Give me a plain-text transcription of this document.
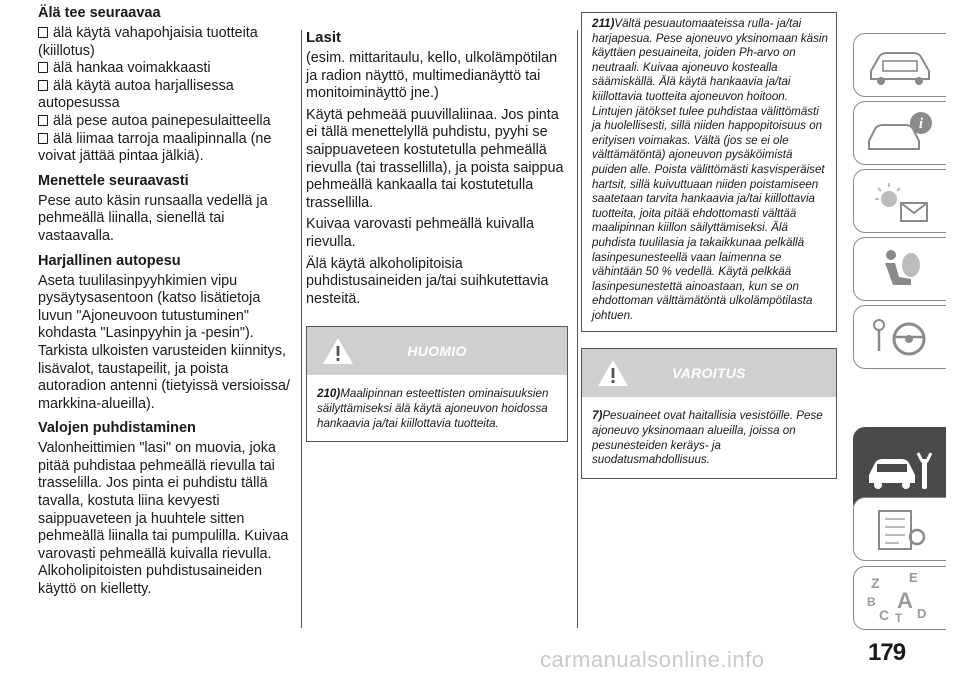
Älä tee seuraavaa
älä käytä vahapohjaisia tuotteita (kiillotus)
älä hankaa voimakkaasti
älä käytä autoa harjallisessa autopesussa
älä pese autoa painepesulaitteella
älä liimaa tarroja maalipinnalla (ne voivat jättää pintaa jälkiä).
Menettele seuraavasti

Pese auto käsin runsaalla vedellä ja pehmeällä liinalla, sienellä tai vastaavalla.

Harjallinen autopesu

Aseta tuulilasinpyyhkimien vipu pysäytysasentoon (katso lisätietoja luvun "Ajoneuvoon tutustuminen" kohdasta "Lasinpyyhin ja -pesin"). Tarkista ulkoisten varusteiden kiinnitys, lisävalot, taustapeilit, ja poista autoradion antenni (tietyissä versioissa/ markkina-alueilla).

Valojen puhdistaminen

Valonheittimien "lasi" on muovia, joka pitää puhdistaa pehmeällä rievulla tai trasselilla. Jos pinta ei puhdistu tällä tavalla, kostuta liina kevyesti saippuaveteen ja huuhtele sitten pehmeällä liinalla tai pumpulilla. Kuivaa varovasti pehmeällä kuivalla rievulla. Alkoholipitoisten puhdistusaineiden käyttö on kielletty.

Lasit

(esim. mittaritaulu, kello, ulkolämpötilan ja radion näyttö, multimedianäyttö tai monitoiminäyttö jne.)

Käytä pehmeää puuvillaliinaa. Jos pinta ei tällä menettelyllä puhdistu, pyyhi se saippuaveteen kostutetulla pehmeällä rievulla (tai trassellilla), ja poista saippua pehmeällä kankaalla tai kostutetulla trassellilla.

Kuivaa varovasti pehmeällä kuivalla rievulla.

Älä käytä alkoholipitoisia puhdistusaineiden ja/tai suihkutettavia nesteitä.

HUOMIO

210)Maalipinnan esteettisten ominaisuuksien säilyttämiseksi älä käytä ajoneuvon hoidossa hankaavia ja/tai kiillottavia tuotteita.

211)Vältä pesuautomaateissa rulla- ja/tai harjapesua. Pese ajoneuvo yksinomaan käsin käyttäen pesuaineita, joiden Ph-arvo on neutraali. Kuivaa ajoneuvo kostealla säämiskällä. Älä käytä hankaavia ja/tai kiillottavia tuotteita ajoneuvon hoitoon. Lintujen jätökset tulee puhdistaa välittömästi ja huolellisesti, sillä niiden happopitoisuus on erityisen voimakas. Vältä (jos se ei ole välttämätöntä) ajoneuvon pysäköimistä puiden alle. Poista välittömästi kasvisperäiset hartsit, sillä kuivuttuaan niiden poistamiseen saatetaan tarvita hankaavia ja/tai kiillottavia tuotteita, joita pitää ehdottomasti välttää maalipinnan kiillon säilyttämiseksi. Älä puhdista tuulilasia ja takaikkunaa pelkällä lasinpesunesteellä vaan laimenna se vähintään 50 % vedellä. Käytä pelkkää lasinpesunestettä ainoastaan, kun se on ehdottoman välttämätöntä ulkolämpötilasta johtuen.

VAROITUS

7)Pesuaineet ovat haitallisia vesistöille. Pese ajoneuvo yksinomaan alueilla, joissa on pesunesteiden keräys- ja suodatusmahdollisuus.

i
Z E
B A
C T D
179
carmanualsonline.info
